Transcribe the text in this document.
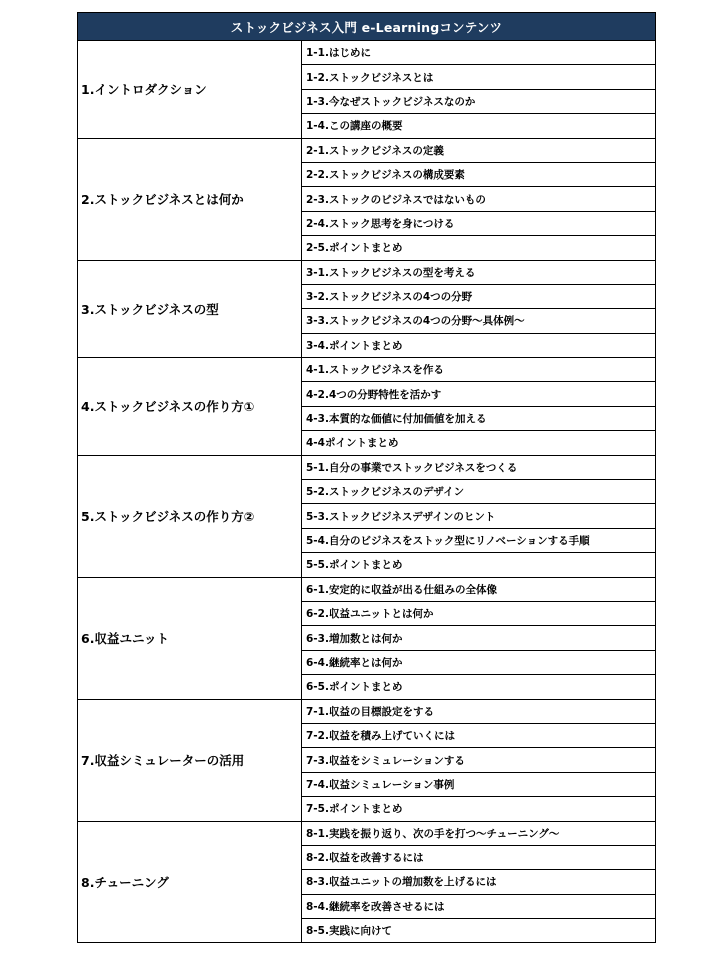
ストックビジネス入門 e-Learningコンテンツ	
1.イントロダクション	1-1.はじめに
	1-2.ストックビジネスとは
	1-3.今なぜストックビジネスなのか
	1-4.この講座の概要
2.ストックビジネスとは何か	2-1.ストックビジネスの定義
	2-2.ストックビジネスの構成要素
	2-3.ストックのビジネスではないもの
	2-4.ストック思考を身につける
	2-5.ポイントまとめ
3.ストックビジネスの型	3-1.ストックビジネスの型を考える
	3-2.ストックビジネスの4つの分野
	3-3.ストックビジネスの4つの分野～具体例～
	3-4.ポイントまとめ
4.ストックビジネスの作り方①	4-1.ストックビジネスを作る
	4-2.4つの分野特性を活かす
	4-3.本質的な価値に付加価値を加える
	4-4ポイントまとめ
5.ストックビジネスの作り方②	5-1.自分の事業でストックビジネスをつくる
	5-2.ストックビジネスのデザイン
	5-3.ストックビジネスデザインのヒント
	5-4.自分のビジネスをストック型にリノベーションする手順
	5-5.ポイントまとめ
6.収益ユニット	6-1.安定的に収益が出る仕組みの全体像
	6-2.収益ユニットとは何か
	6-3.増加数とは何か
	6-4.継続率とは何か
	6-5.ポイントまとめ
7.収益シミュレーターの活用	7-1.収益の目標設定をする
	7-2.収益を積み上げていくには
	7-3.収益をシミュレーションする
	7-4.収益シミュレーション事例
	7-5.ポイントまとめ
8.チューニング	8-1.実践を振り返り、次の手を打つ～チューニング～
	8-2.収益を改善するには
	8-3.収益ユニットの増加数を上げるには
	8-4.継続率を改善させるには
	8-5.実践に向けて
